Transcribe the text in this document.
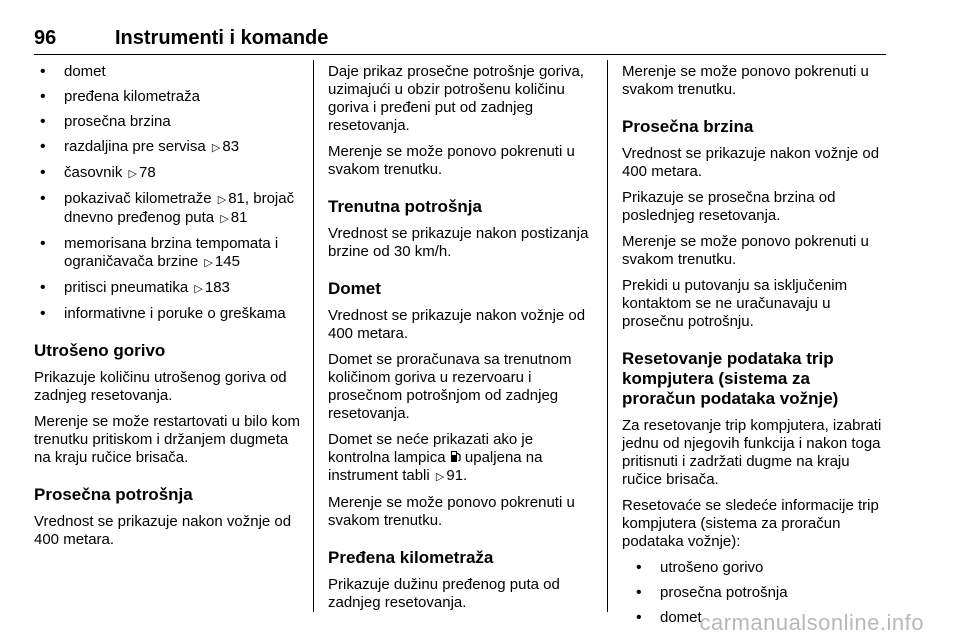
96	Instrumenti i komande
• domet
• pređena kilometraža
• prosečna brzina
• razdaljina pre servisa ▷ 83
• časovnik ▷ 78
• pokazivač kilometraže ▷ 81, brojač dnevno pređenog puta ▷ 81
• memorisana brzina tempomata i ograničavača brzine ▷ 145
• pritisci pneumatika ▷ 183
• informativne i poruke o greškama
Utrošeno gorivo

Prikazuje količinu utrošenog goriva od zadnjeg resetovanja.

Merenje se može restartovati u bilo kom trenutku pritiskom i držanjem dugmeta na kraju ručice brisača.

Prosečna potrošnja

Vrednost se prikazuje nakon vožnje od 400 metara.

Daje prikaz prosečne potrošnje goriva, uzimajući u obzir potrošenu količinu goriva i pređeni put od zadnjeg resetovanja.

Merenje se može ponovo pokrenuti u svakom trenutku.

Trenutna potrošnja

Vrednost se prikazuje nakon postizanja brzine od 30 km/h.

Domet

Vrednost se prikazuje nakon vožnje od 400 metara.

Domet se proračunava sa trenutnom količinom goriva u rezervoaru i prosečnom potrošnjom od zadnjeg resetovanja.

Domet se neće prikazati ako je kontrolna lampica upaljena na instrument tabli ▷ 91.

Merenje se može ponovo pokrenuti u svakom trenutku.

Pređena kilometraža

Prikazuje dužinu pređenog puta od zadnjeg resetovanja.

Merenje se može ponovo pokrenuti u svakom trenutku.

Prosečna brzina

Vrednost se prikazuje nakon vožnje od 400 metara.

Prikazuje se prosečna brzina od poslednjeg resetovanja.

Merenje se može ponovo pokrenuti u svakom trenutku.

Prekidi u putovanju sa isključenim kontaktom se ne uračunavaju u prosečnu potrošnju.

Resetovanje podataka trip kompjutera (sistema za proračun podataka vožnje)

Za resetovanje trip kompjutera, izabrati jednu od njegovih funkcija i nakon toga pritisnuti i zadržati dugme na kraju ručice brisača.

Resetovaće se sledeće informacije trip kompjutera (sistema za proračun podataka vožnje):

• utrošeno gorivo
• prosečna potrošnja
• domet
carmanualsonline.info
